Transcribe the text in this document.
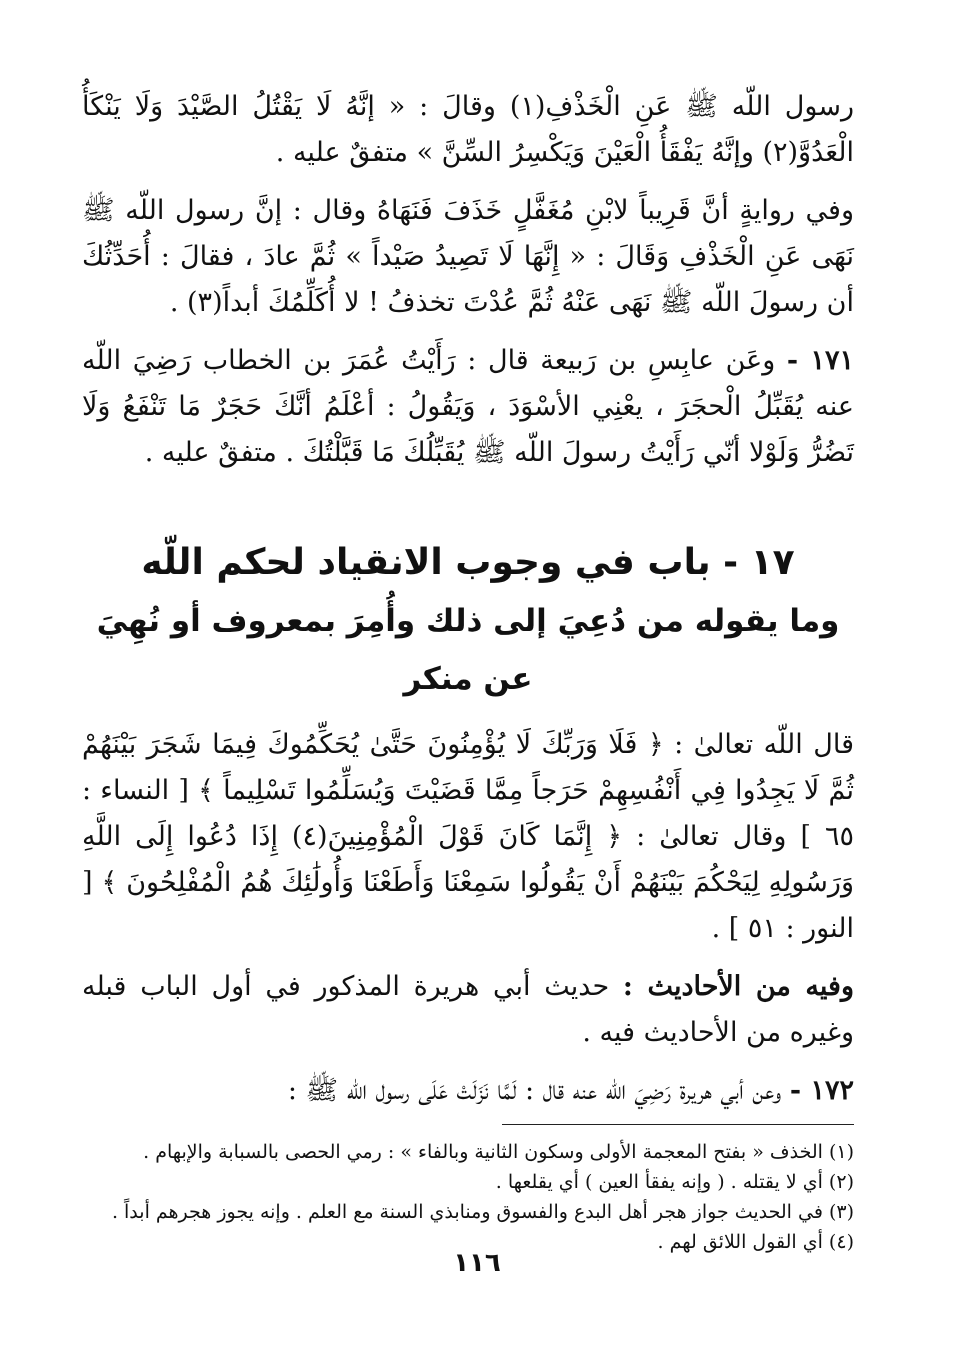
رسول اللّه ﷺ عَنِ الْخَذْفِ(١) وقالَ : « إنَّهُ لَا يَقْتُلُ الصَّيْدَ وَلَا يَنْكَأُ الْعَدُوَّ(٢) وإنَّهُ يَفْقَأُ الْعَيْنَ وَيَكْسِرُ السِّنَّ » متفقٌ عليه .

وفي روايةٍ أنَّ قَرِيباً لابْنِ مُغَفَّلٍ خَذَفَ فَنَهَاهُ وقال : إنَّ رسول اللّه ﷺ نَهَى عَنِ الْخَذْفِ وَقَالَ : « إِنَّهَا لَا تَصِيدُ صَيْداً » ثُمَّ عادَ ، فقالَ : أُحَدِّثُكَ أن رسولَ اللّه ﷺ نَهَى عَنْهُ ثُمَّ عُدْتَ تخذفُ ! لا أُكَلِّمُكَ أبداً(٣) .

١٧١ - وعَن عابِسِ بن رَبيعة قال : رَأَيْتُ عُمَرَ بن الخطاب رَضِيَ اللّه عنه يُقَبِّلُ الْحجَرَ ، يعْنِي الأسْوَدَ ، وَيَقُولُ : أعْلَمُ أنَّكَ حَجَرٌ مَا تَنْفَعُ وَلَا تَضُرُّ وَلَوْلا أنّي رَأَيْتُ رسولَ اللّه ﷺ يُقَبِّلُكَ مَا قَبَّلْتُكَ . متفقٌ عليه .

١٧ - باب في وجوب الانقياد لحكم اللّه
وما يقوله من دُعِيَ إلى ذلك وأُمِرَ بمعروف أو نُهِيَ عن منكر

قال اللّه تعالىٰ : ﴿ فَلَا وَرَبِّكَ لَا يُؤْمِنُونَ حَتَّىٰ يُحَكِّمُوكَ فِيمَا شَجَرَ بَيْنَهُمْ ثُمَّ لَا يَجِدُوا فِي أَنْفُسِهِمْ حَرَجاً مِمَّا قَضَيْتَ وَيُسَلِّمُوا تَسْلِيماً ﴾ [ النساء : ٦٥ ] وقال تعالىٰ : ﴿ إِنَّمَا كَانَ قَوْلَ الْمُؤْمِنِينَ(٤) إِذَا دُعُوا إِلَى اللَّهِ وَرَسُولِهِ لِيَحْكُمَ بَيْنَهُمْ أَنْ يَقُولُوا سَمِعْنَا وَأَطَعْنَا وَأُولَٰئِكَ هُمُ الْمُفْلِحُونَ ﴾ [ النور : ٥١ ] .

وفيه من الأحاديث : حديث أبي هريرة المذكور في أول الباب قبله وغيره من الأحاديث فيه .

١٧٢ - وعن أبي هريرة رَضِيَ اللّه عنه قال : لَمَّا نَزَلَتْ عَلَى رسول اللّه ﷺ :

(١) الخذف « بفتح المعجمة الأولى وسكون الثانية وبالفاء » : رمي الحصى بالسبابة والإبهام .
(٢) أي لا يقتله . ( وإنه يفقأ العين ) أي يقلعها .
(٣) في الحديث جواز هجر أهل البدع والفسوق ومنابذي السنة مع العلم . وإنه يجوز هجرهم أبداً .
(٤) أي القول اللائق لهم .
١١٦
